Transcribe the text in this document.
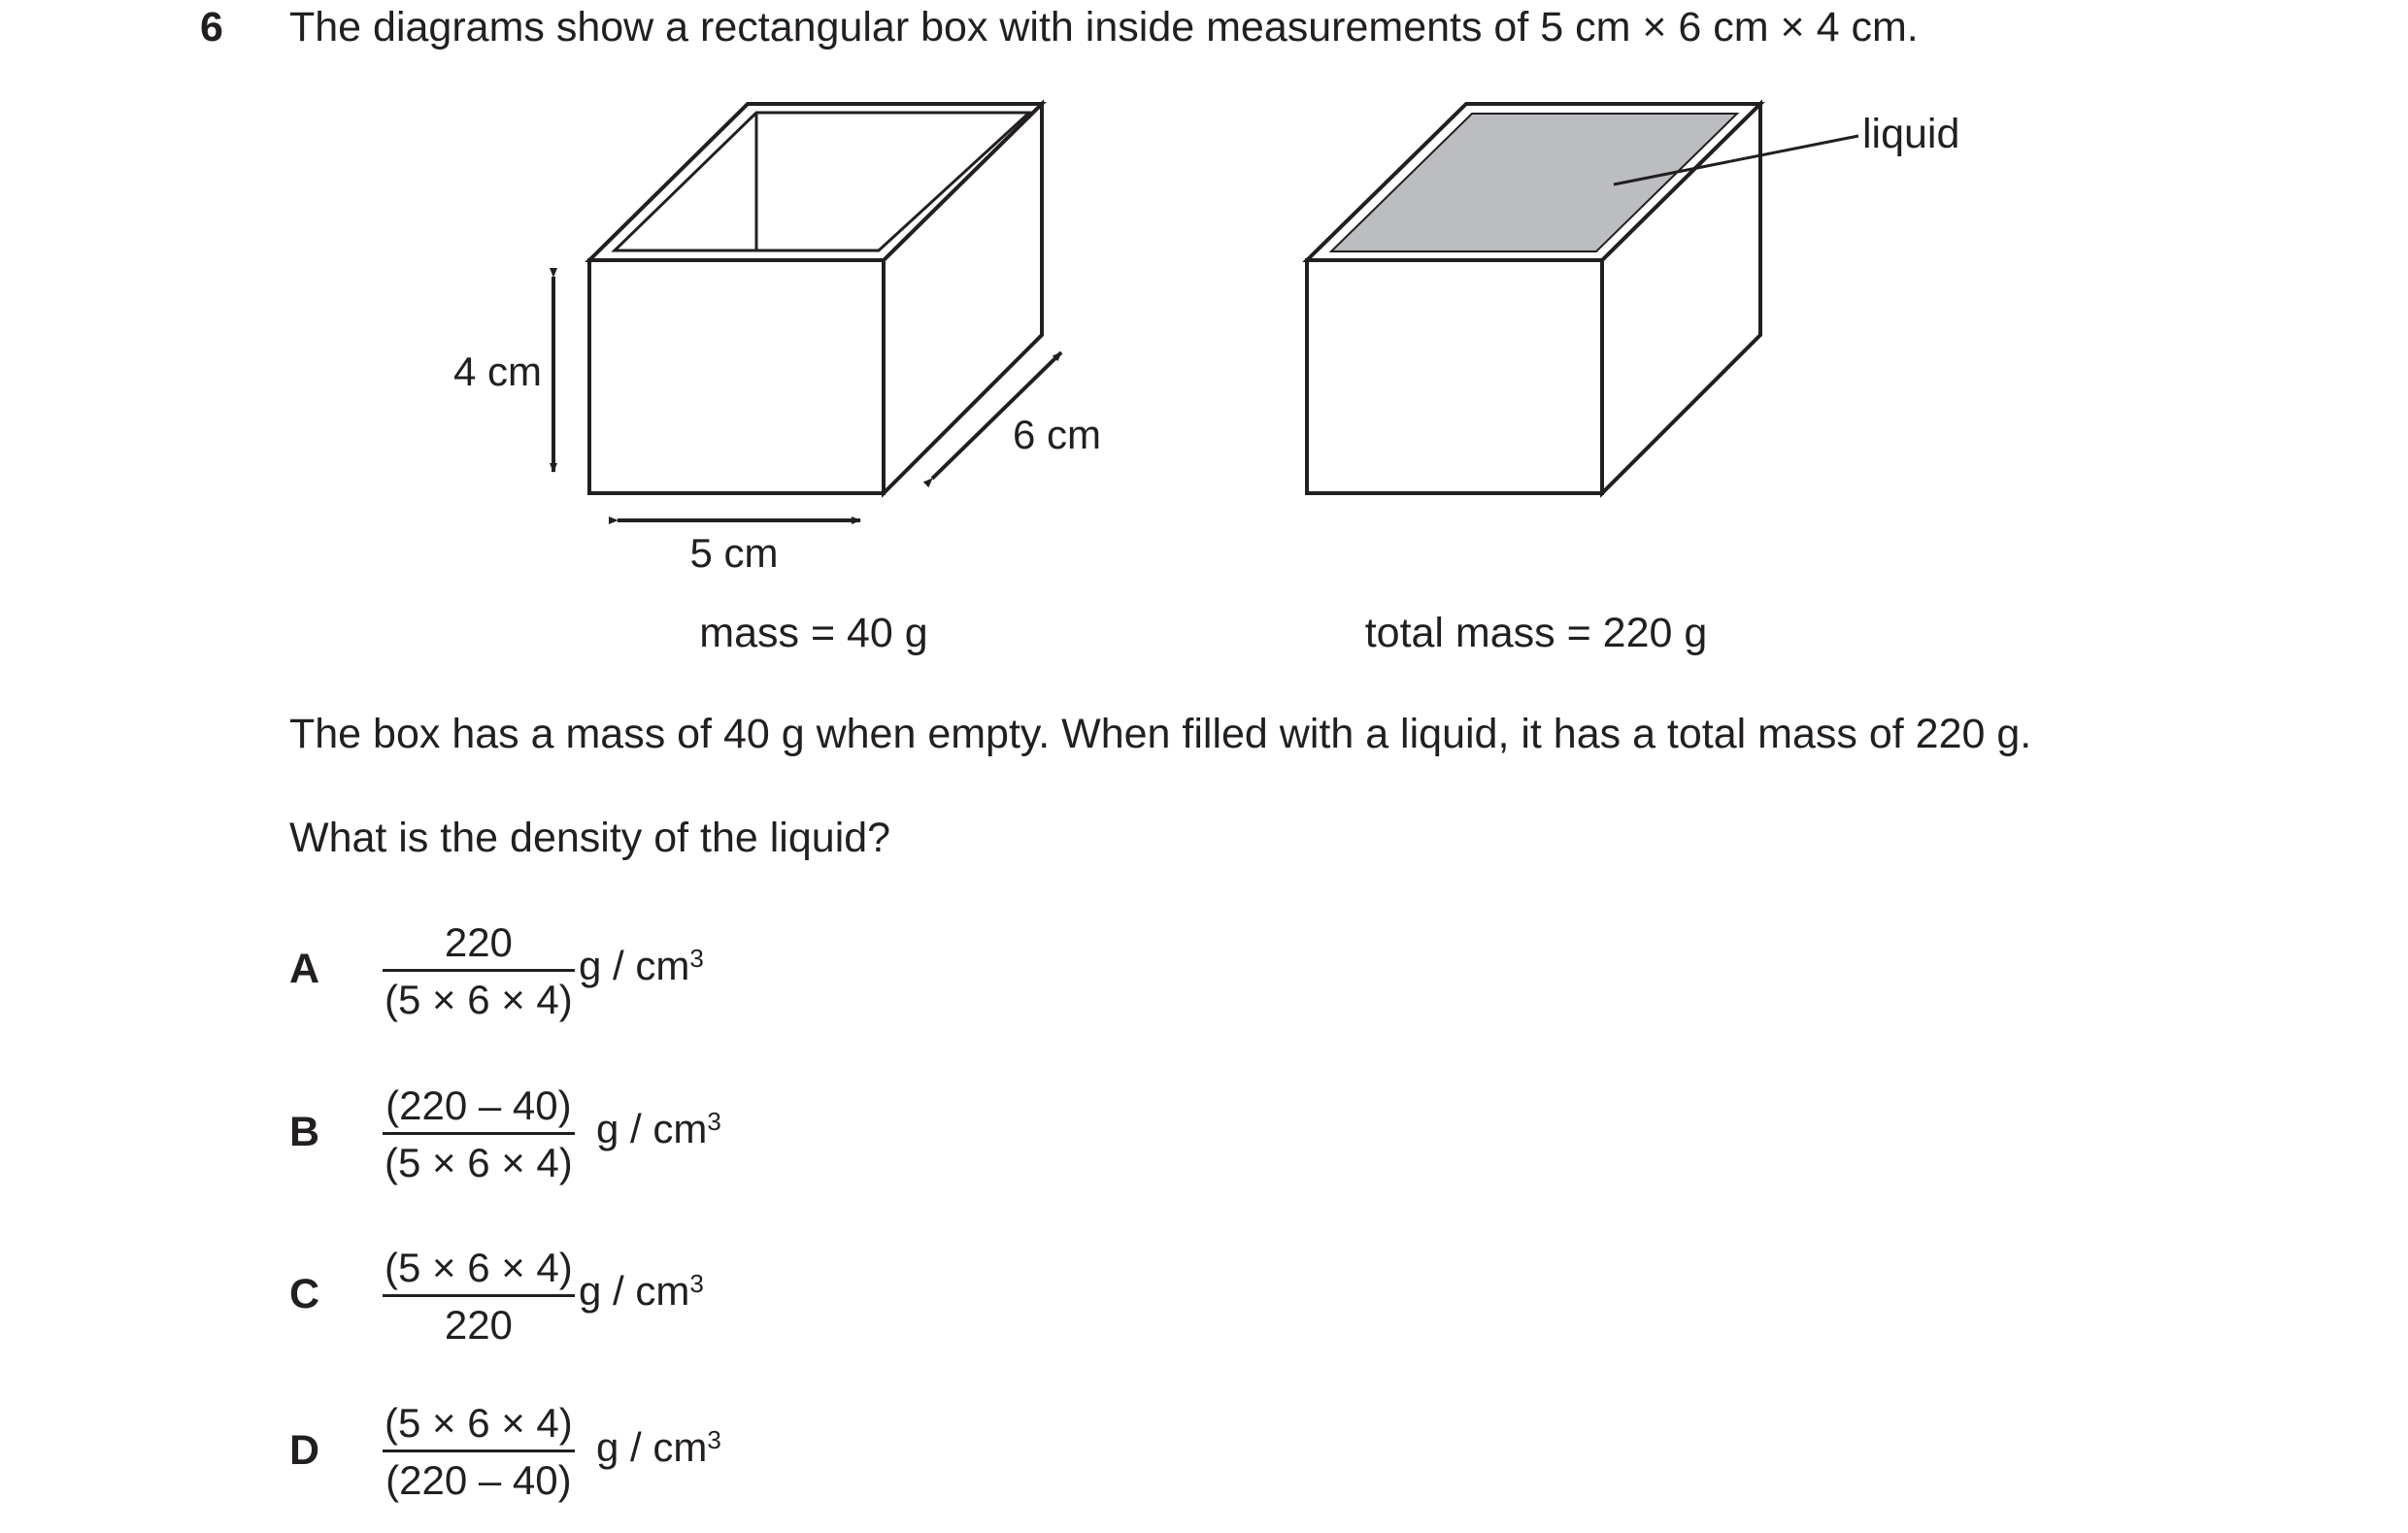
6 The diagrams show a rectangular box with inside measurements of 5 cm × 6 cm × 4 cm.
4 cm
5 cm
6 cm
mass = 40 g
liquid
total mass = 220 g
The box has a mass of 40 g when empty. When filled with a liquid, it has a total mass of 220 g.
What is the density of the liquid?
A
220
(5 × 6 × 4)
g / $cm^3$
B
(220 – 40)
(5 × 6 × 4)
g / $cm^3$
C
(5 × 6 × 4)
220
g / $cm^3$
D
(5 × 6 × 4)
(220 – 40)
g / $cm^3$
